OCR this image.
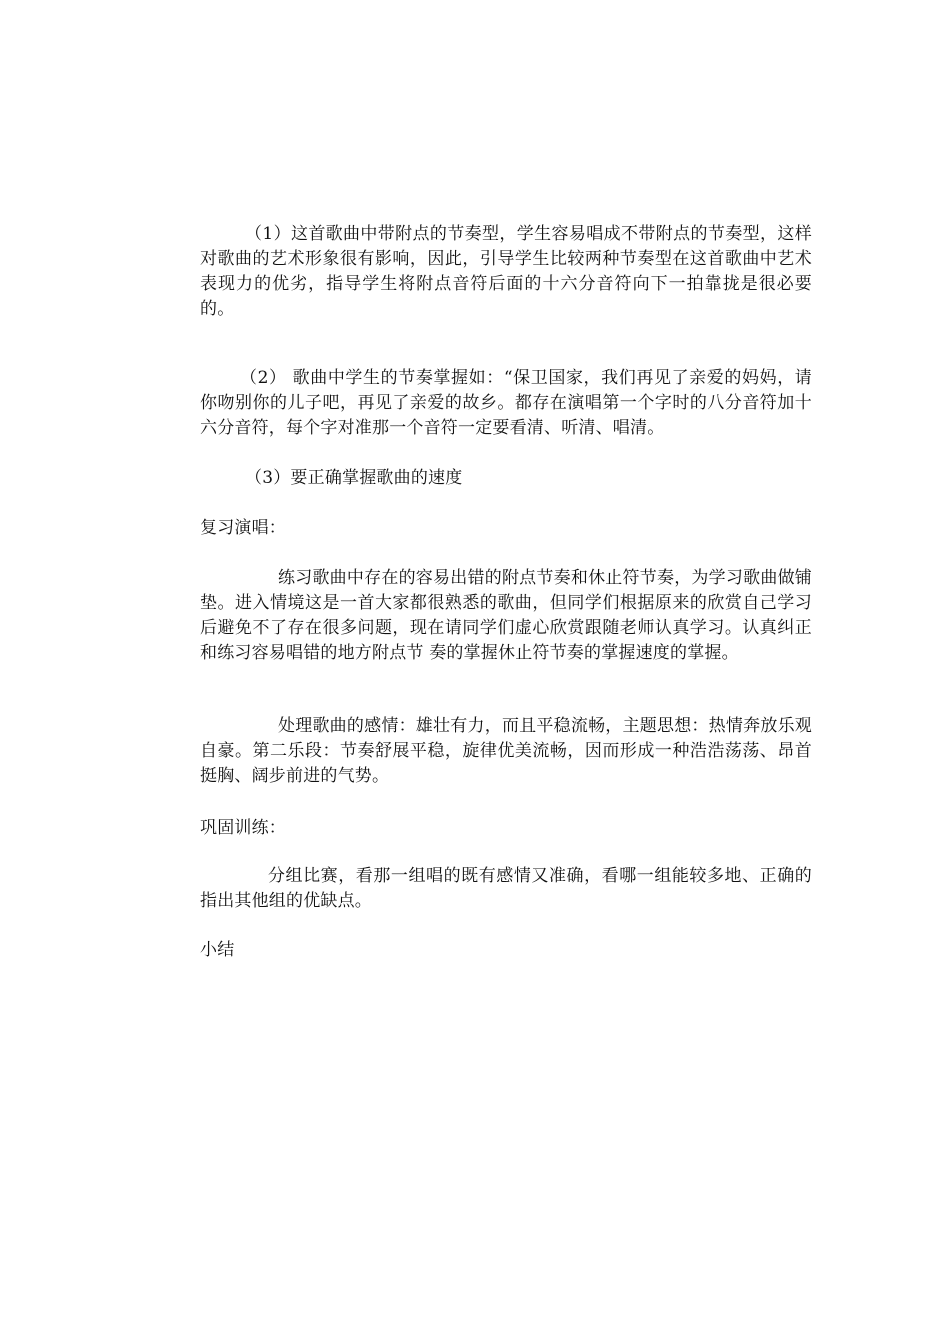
（1）这首歌曲中带附点的节奏型，学生容易唱成不带附点的节奏型，这样对歌曲的艺术形象很有影响，因此，引导学生比较两种节奏型在这首歌曲中艺术表现力的优劣，指导学生将附点音符后面的十六分音符向下一拍靠拢是很必要的。

（2） 歌曲中学生的节奏掌握如：“保卫国家，我们再见了亲爱的妈妈，请你吻别你的儿子吧，再见了亲爱的故乡。都存在演唱第一个字时的八分音符加十六分音符，每个字对准那一个音符一定要看清、听清、唱清。

（3）要正确掌握歌曲的速度

复习演唱：

练习歌曲中存在的容易出错的附点节奏和休止符节奏，为学习歌曲做铺垫。进入情境这是一首大家都很熟悉的歌曲，但同学们根据原来的欣赏自己学习后避免不了存在很多问题，现在请同学们虚心欣赏跟随老师认真学习。认真纠正和练习容易唱错的地方附点节 奏的掌握休止符节奏的掌握速度的掌握。

处理歌曲的感情：雄壮有力，而且平稳流畅，主题思想：热情奔放乐观自豪。第二乐段：节奏舒展平稳，旋律优美流畅，因而形成一种浩浩荡荡、昂首挺胸、阔步前进的气势。

巩固训练：

分组比赛，看那一组唱的既有感情又准确，看哪一组能较多地、正确的指出其他组的优缺点。

小结
